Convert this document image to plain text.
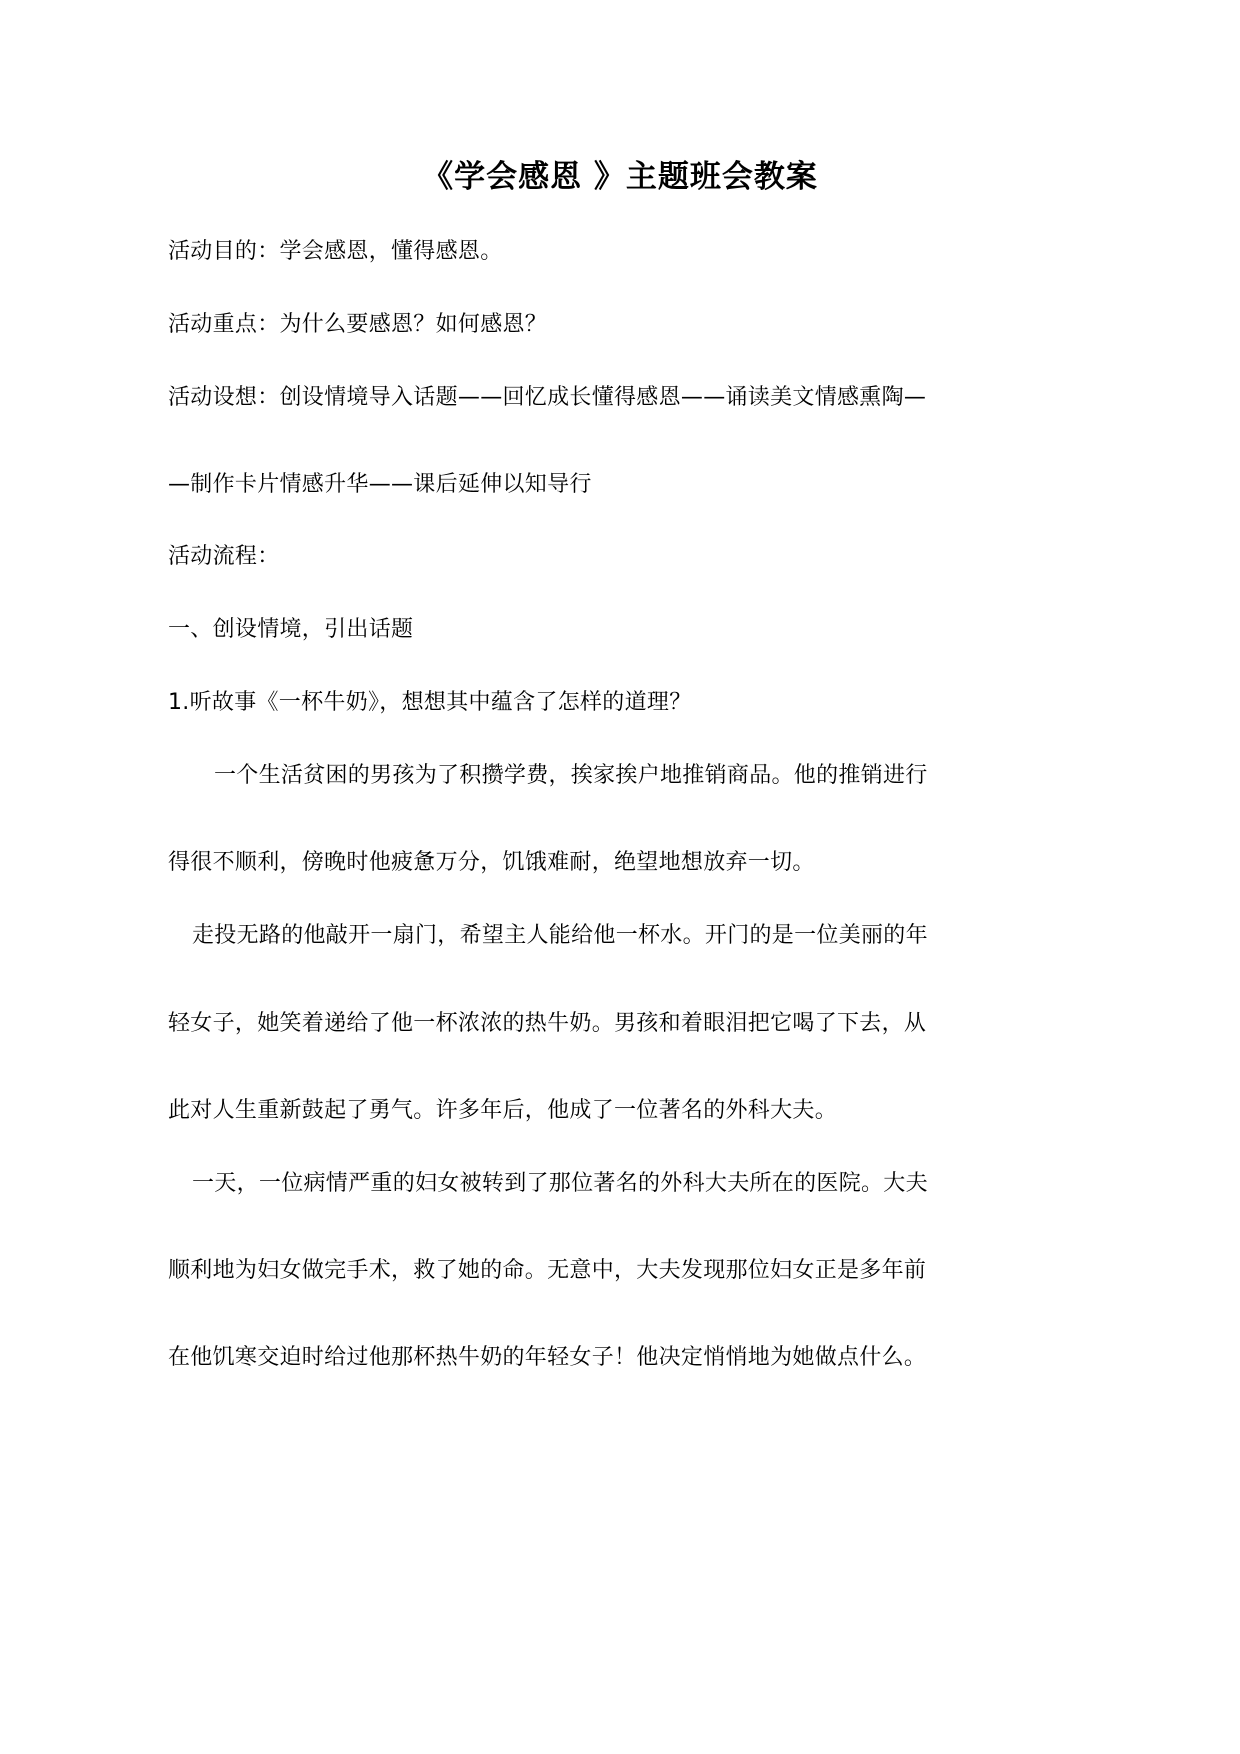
《学会感恩 》主题班会教案
活动目的：学会感恩，懂得感恩。
活动重点：为什么要感恩？如何感恩？
活动设想：创设情境导入话题——回忆成长懂得感恩——诵读美文情感熏陶—
—制作卡片情感升华——课后延伸以知导行
活动流程：
一、创设情境，引出话题
1.听故事《一杯牛奶》，想想其中蕴含了怎样的道理？
一个生活贫困的男孩为了积攒学费，挨家挨户地推销商品。他的推销进行
得很不顺利，傍晚时他疲惫万分，饥饿难耐，绝望地想放弃一切。
走投无路的他敲开一扇门，希望主人能给他一杯水。开门的是一位美丽的年
轻女子，她笑着递给了他一杯浓浓的热牛奶。男孩和着眼泪把它喝了下去，从
此对人生重新鼓起了勇气。许多年后，他成了一位著名的外科大夫。
一天，一位病情严重的妇女被转到了那位著名的外科大夫所在的医院。大夫
顺利地为妇女做完手术，救了她的命。无意中，大夫发现那位妇女正是多年前
在他饥寒交迫时给过他那杯热牛奶的年轻女子！他决定悄悄地为她做点什么。
